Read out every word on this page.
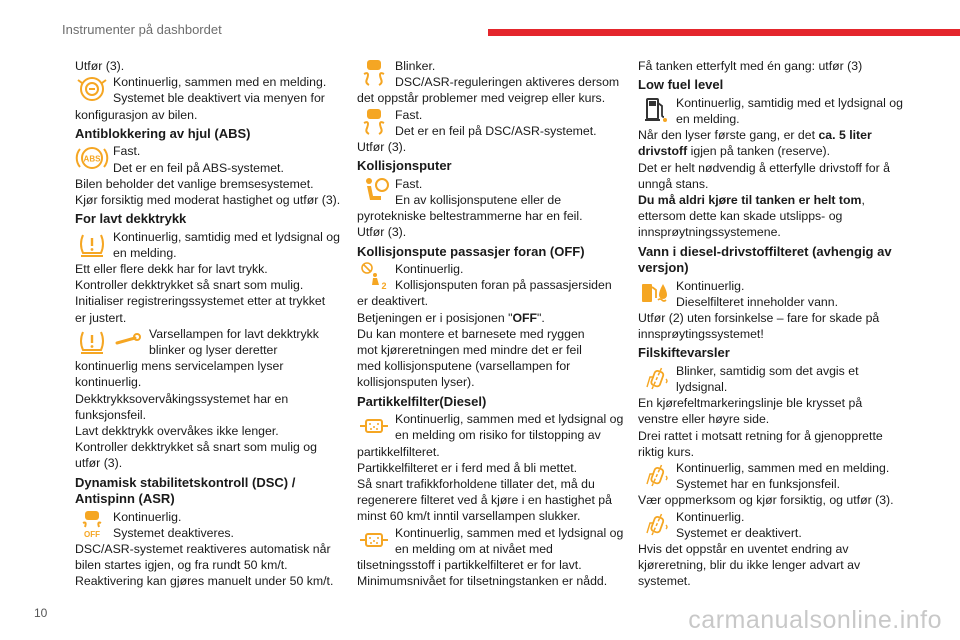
Instrumenter på dashbordet

Utfør (3).

Kontinuerlig, sammen med en melding.

Systemet ble deaktivert via menyen for

konfigurasjon av bilen.

Antiblokkering av hjul (ABS)
ABS

Fast.

Det er en feil på ABS-systemet.

Bilen beholder det vanlige bremsesystemet.

Kjør forsiktig med moderat hastighet og utfør (3).

For lavt dekktrykk

Kontinuerlig, samtidig med et lydsignal og

en melding.

Ett eller flere dekk har for lavt trykk.

Kontroller dekktrykket så snart som mulig.

Initialiser registreringssystemet etter at trykket

er justert.

Varsellampen for lavt dekktrykk

blinker og lyser deretter

kontinuerlig mens servicelampen lyser

kontinuerlig.

Dekktrykksovervåkingssystemet har en

funksjonsfeil.

Lavt dekktrykk overvåkes ikke lenger.

Kontroller dekktrykket så snart som mulig og

utfør (3).

Dynamisk stabilitetskontroll (DSC) /
Antispinn (ASR)
OFF

Kontinuerlig.

Systemet deaktiveres.

DSC/ASR-systemet reaktiveres automatisk når

bilen startes igjen, og fra rundt 50 km/t.

Reaktivering kan gjøres manuelt under 50 km/t.

Blinker.

DSC/ASR-reguleringen aktiveres dersom

det oppstår problemer med veigrep eller kurs.

Fast.

Det er en feil på DSC/ASR-systemet.

Utfør (3).

Kollisjonsputer

Fast.

En av kollisjonsputene eller de

pyrotekniske beltestrammerne har en feil.

Utfør (3).

Kollisjonspute passasjer foran (OFF)
2

Kontinuerlig.

Kollisjonsputen foran på passasjersiden

er deaktivert.

Betjeningen er i posisjonen "OFF".

Du kan montere et barnesete med ryggen

mot kjøreretningen med mindre det er feil

med kollisjonsputene (varsellampen for

kollisjonsputen lyser).

Partikkelfilter(Diesel)

Kontinuerlig, sammen med et lydsignal og

en melding om risiko for tilstopping av

partikkelfilteret.

Partikkelfilteret er i ferd med å bli mettet.

Så snart trafikkforholdene tillater det, må du

regenerere filteret ved å kjøre i en hastighet på

minst 60 km/t inntil varsellampen slukker.

Kontinuerlig, sammen med et lydsignal og

en melding om at nivået med

tilsetningsstoff i partikkelfilteret er for lavt.

Minimumsnivået for tilsetningstanken er nådd.

Få tanken etterfylt med én gang: utfør (3)

Low fuel level

Kontinuerlig, samtidig med et lydsignal og

en melding.

Når den lyser første gang, er det ca. 5 liter

drivstoff igjen på tanken (reserve).

Det er helt nødvendig å etterfylle drivstoff for å

unngå stans.

Du må aldri kjøre til tanken er helt tom,

ettersom dette kan skade utslipps- og

innsprøytningssystemene.

Vann i diesel-drivstoffilteret (avhengig av
versjon)

Kontinuerlig.

Dieselfilteret inneholder vann.

Utfør (2) uten forsinkelse – fare for skade på

innsprøytingssystemet!

Filskiftevarsler

Blinker, samtidig som det avgis et

lydsignal.

En kjørefeltmarkeringslinje ble krysset på

venstre eller høyre side.

Drei rattet i motsatt retning for å gjenopprette

riktig kurs.

Kontinuerlig, sammen med en melding.

Systemet har en funksjonsfeil.

Vær oppmerksom og kjør forsiktig, og utfør (3).

Kontinuerlig.

Systemet er deaktivert.

Hvis det oppstår en uventet endring av

kjøreretning, blir du ikke lenger advart av

systemet.

10	carmanualsonline.info
